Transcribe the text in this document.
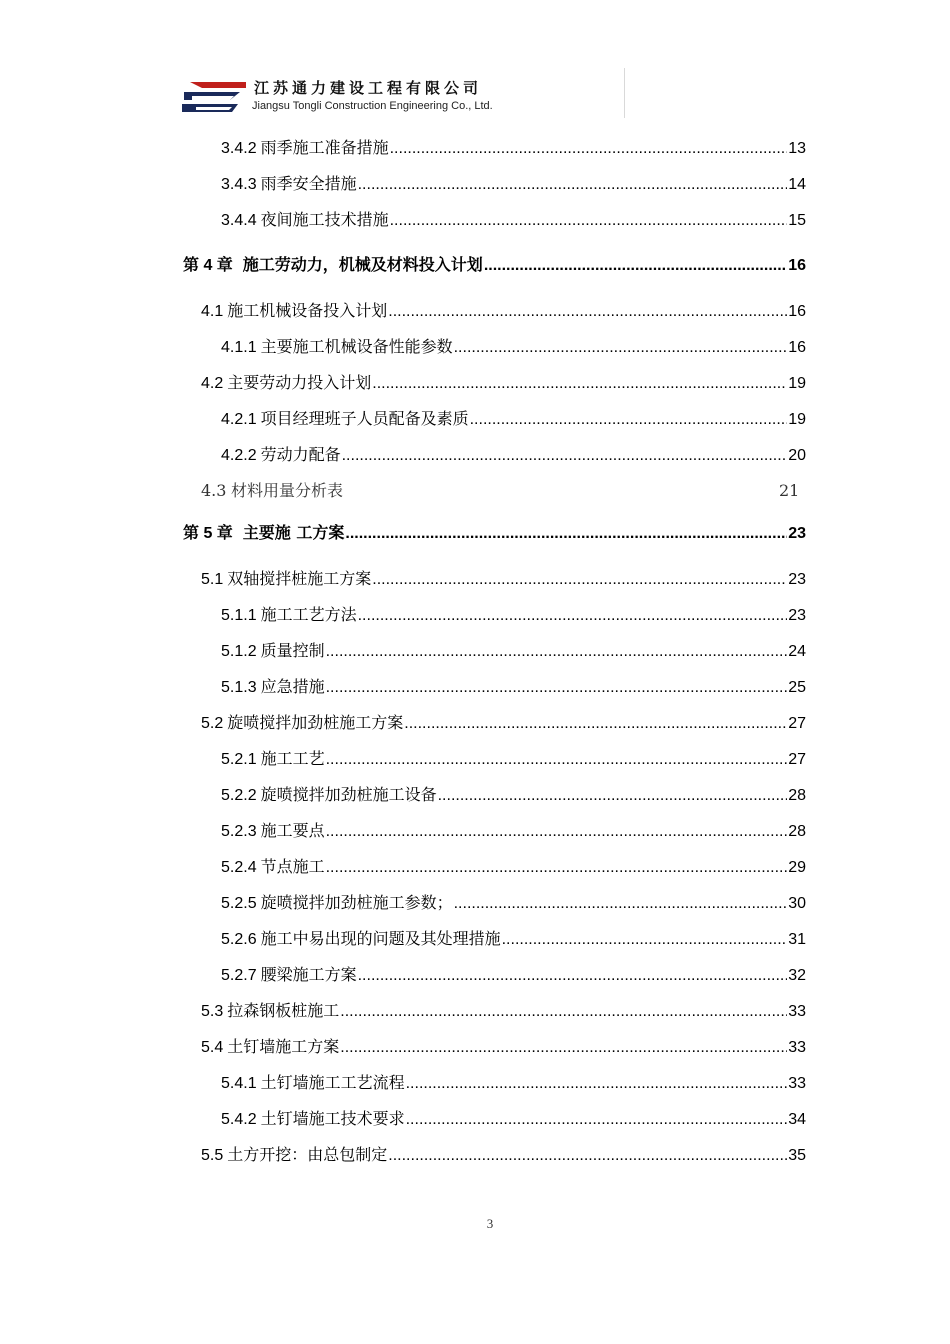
江苏通力建设工程有限公司
Jiangsu Tongli Construction Engineering Co., Ltd.
3.4.2 雨季施工准备措施 .....	13
3.4.3 雨季安全措施 .....	14
3.4.4 夜间施工技术措施 .....	15
第 4 章 施工劳动力，机械及材料投入计划 .....	16
4.1 施工机械设备投入计划 .....	16
4.1.1 主要施工机械设备性能参数 .....	16
4.2 主要劳动力投入计划 .....	19
4.2.1 项目经理班子人员配备及素质 .....	19
4.2.2 劳动力配备 .....	20
4.3 材料用量分析表	21
第 5 章 主要施 工方案 .....	23
5.1 双轴搅拌桩施工方案 .....	23
5.1.1 施工工艺方法 .....	23
5.1.2 质量控制 .....	24
5.1.3 应急措施 .....	25
5.2 旋喷搅拌加劲桩施工方案 .....	27
5.2.1 施工工艺 .....	27
5.2.2 旋喷搅拌加劲桩施工设备 .....	28
5.2.3 施工要点 .....	28
5.2.4 节点施工 .....	29
5.2.5 旋喷搅拌加劲桩施工参数； .....	30
5.2.6 施工中易出现的问题及其处理措施 .....	31
5.2.7 腰梁施工方案 .....	32
5.3 拉森钢板桩施工 .....	33
5.4 土钉墙施工方案 .....	33
5.4.1 土钉墙施工工艺流程 .....	33
5.4.2 土钉墙施工技术要求 .....	34
5.5 土方开挖：由总包制定 .....	35
3
